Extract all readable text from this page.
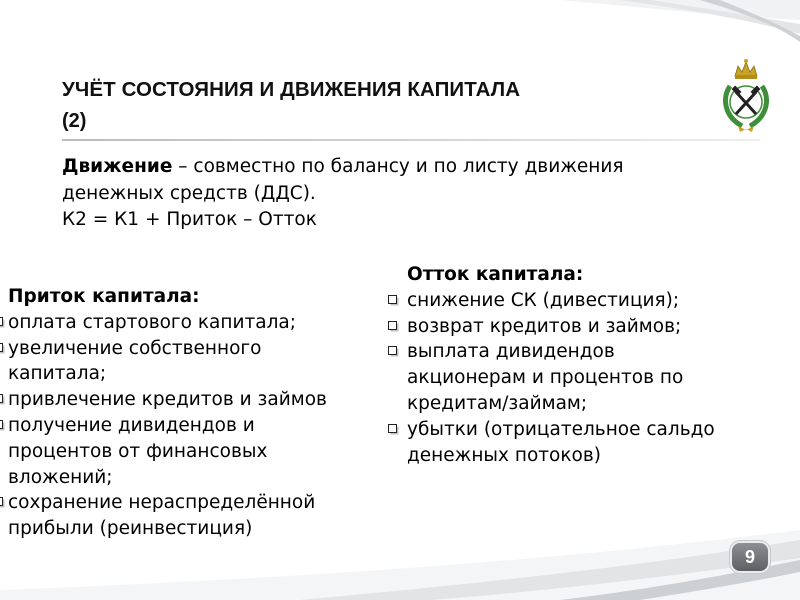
УЧЁТ СОСТОЯНИЯ И ДВИЖЕНИЯ КАПИТАЛА
(2)
Движение – совместно по балансу и по листу движения
денежных средств (ДДС).
К2 = К1 + Приток – Отток
Приток капитала:
оплата стартового капитала;
увеличение собственного
капитала;
привлечение кредитов и займов
получение дивидендов и
процентов от финансовых
вложений;
сохранение нераспределённой
прибыли (реинвестиция)
Отток капитала:
снижение СК (дивестиция);
возврат кредитов и займов;
выплата дивидендов
акционерам и процентов по
кредитам/займам;
убытки (отрицательное сальдо
денежных потоков)
9
